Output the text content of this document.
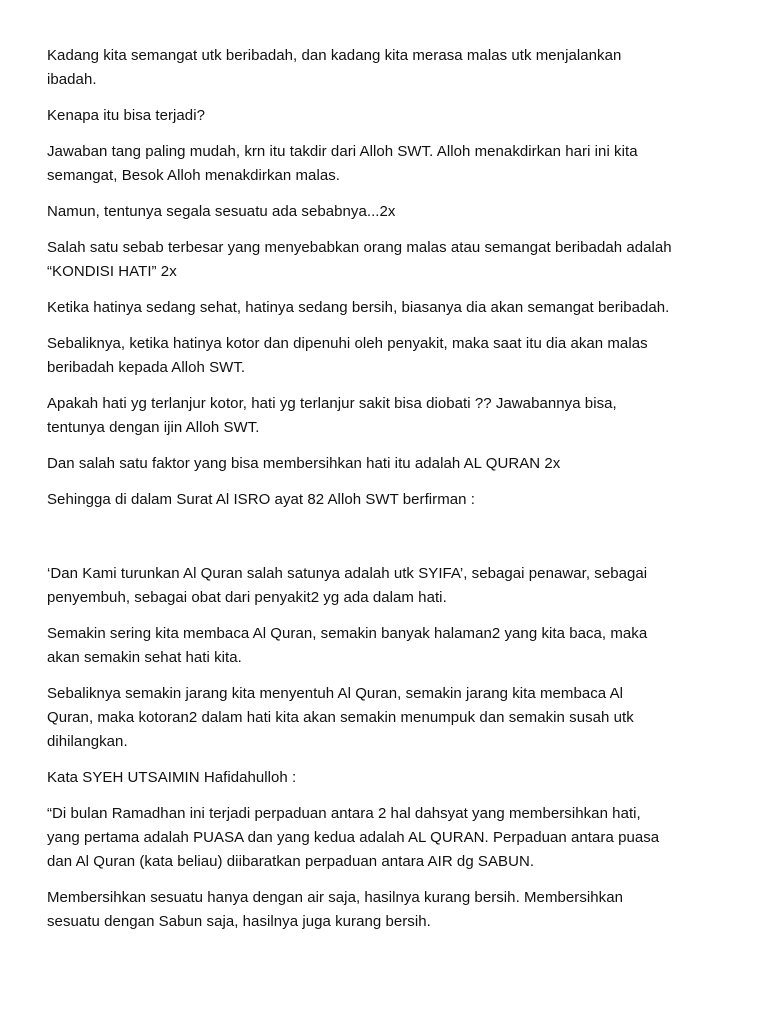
Kadang kita semangat utk beribadah, dan kadang kita merasa malas utk menjalankan
ibadah.
Kenapa itu bisa terjadi?
Jawaban tang paling mudah, krn itu takdir dari Alloh SWT. Alloh menakdirkan hari ini kita
semangat, Besok Alloh menakdirkan malas.
Namun, tentunya segala sesuatu ada sebabnya...2x
Salah satu sebab terbesar yang menyebabkan orang malas atau semangat beribadah adalah
“KONDISI HATI” 2x
Ketika hatinya sedang sehat, hatinya sedang bersih, biasanya dia akan semangat beribadah.
Sebaliknya, ketika hatinya kotor dan dipenuhi oleh penyakit, maka saat itu dia akan malas
beribadah kepada Alloh SWT.
Apakah hati yg terlanjur kotor, hati yg terlanjur sakit bisa diobati ?? Jawabannya bisa,
tentunya dengan ijin Alloh SWT.
Dan salah satu faktor yang bisa membersihkan hati itu adalah AL QURAN 2x
Sehingga di dalam Surat Al ISRO ayat 82 Alloh SWT berfirman :
‘Dan Kami turunkan Al Quran salah satunya adalah utk SYIFA’, sebagai penawar, sebagai
penyembuh, sebagai obat dari penyakit2 yg ada dalam hati.
Semakin sering kita membaca Al Quran, semakin banyak halaman2 yang kita baca, maka
akan semakin sehat hati kita.
Sebaliknya semakin jarang kita menyentuh Al Quran, semakin jarang kita membaca Al
Quran, maka kotoran2 dalam hati kita akan semakin menumpuk dan semakin susah utk
dihilangkan.
Kata SYEH UTSAIMIN Hafidahulloh :
“Di bulan Ramadhan ini terjadi perpaduan antara 2 hal dahsyat yang membersihkan hati,
yang pertama adalah PUASA dan yang kedua adalah AL QURAN. Perpaduan antara puasa
dan Al Quran (kata beliau) diibaratkan perpaduan antara AIR dg SABUN.
Membersihkan sesuatu hanya dengan air saja, hasilnya kurang bersih. Membersihkan
sesuatu dengan Sabun saja, hasilnya juga kurang bersih.
